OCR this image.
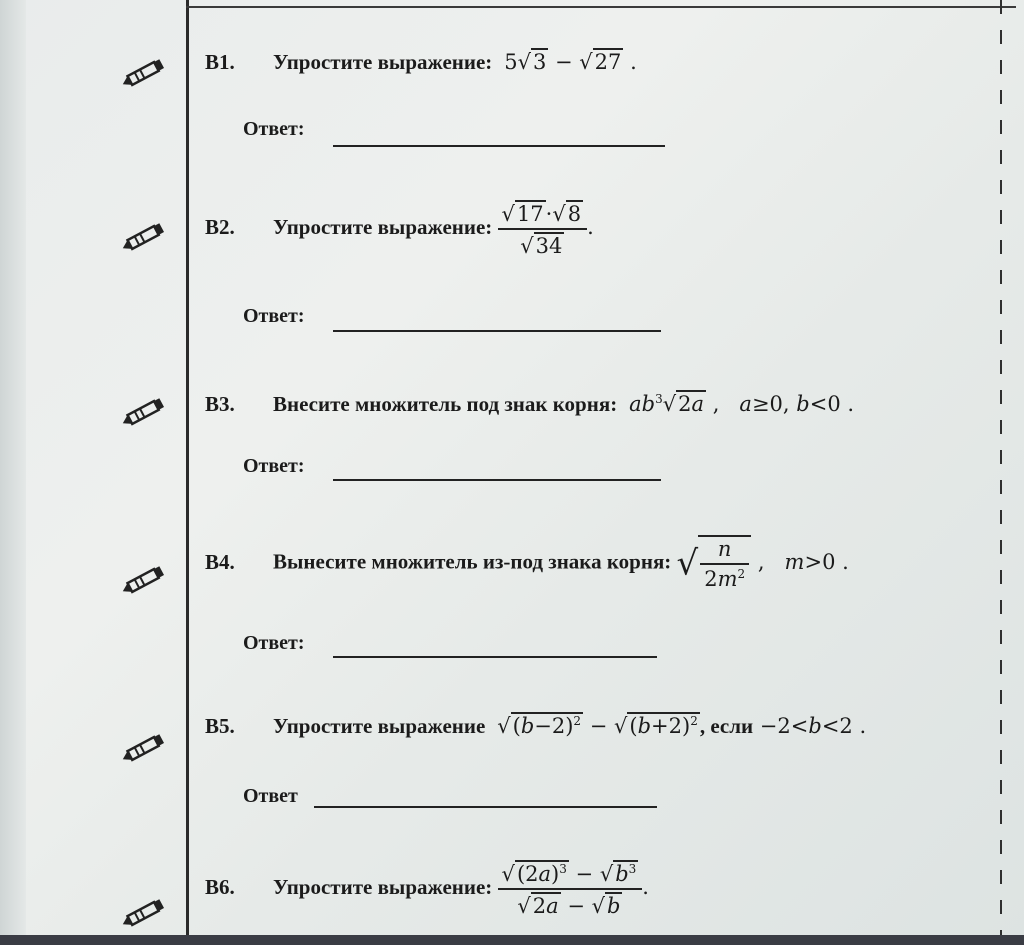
B1. Упростите выражение:  5√3 − √27 .
Ответ:
B2. Упростите выражение: $\frac{√17\cdot√8}{√34}$ .
Ответ:
B3. Внесите множитель под знак корня: $ab^3√2a$ ,   a≥0, b<0 .
Ответ:
B4. Вынесите множитель из-под знака корня: √ $\frac{n}{2m^2}$ ,   m>0 .
Ответ:
B5. Упростите выражение  $√(b-2)^2 - √(b+2)^2$, если −2<b<2 .
Ответ
B6. Упростите выражение: $\frac{√(2a)^3 - √b^3}{√2a - √b}$ .
